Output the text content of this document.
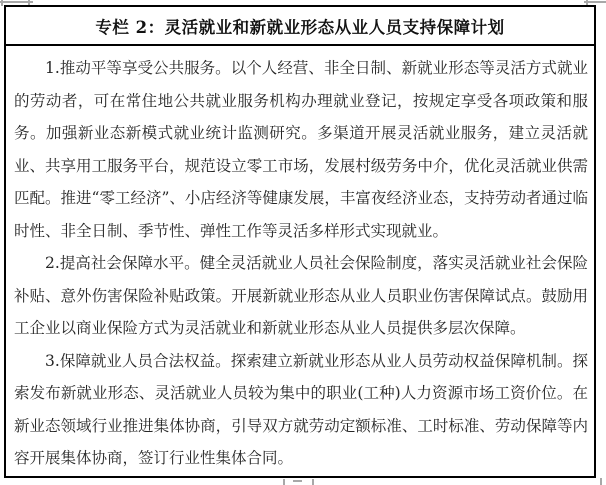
专栏 2：灵活就业和新就业形态从业人员支持保障计划

1.推动平等享受公共服务。以个人经营、非全日制、新就业形态等灵活方式就业的劳动者，可在常住地公共就业服务机构办理就业登记，按规定享受各项政策和服务。加强新业态新模式就业统计监测研究。多渠道开展灵活就业服务，建立灵活就业、共享用工服务平台，规范设立零工市场，发展村级劳务中介，优化灵活就业供需匹配。推进“零工经济”、小店经济等健康发展，丰富夜经济业态，支持劳动者通过临时性、非全日制、季节性、弹性工作等灵活多样形式实现就业。

2.提高社会保障水平。健全灵活就业人员社会保险制度，落实灵活就业社会保险补贴、意外伤害保险补贴政策。开展新就业形态从业人员职业伤害保障试点。鼓励用工企业以商业保险方式为灵活就业和新就业形态从业人员提供多层次保障。

3.保障就业人员合法权益。探索建立新就业形态从业人员劳动权益保障机制。探索发布新就业形态、灵活就业人员较为集中的职业(工种)人力资源市场工资价位。在新业态领域行业推进集体协商，引导双方就劳动定额标准、工时标准、劳动保障等内容开展集体协商，签订行业性集体合同。
